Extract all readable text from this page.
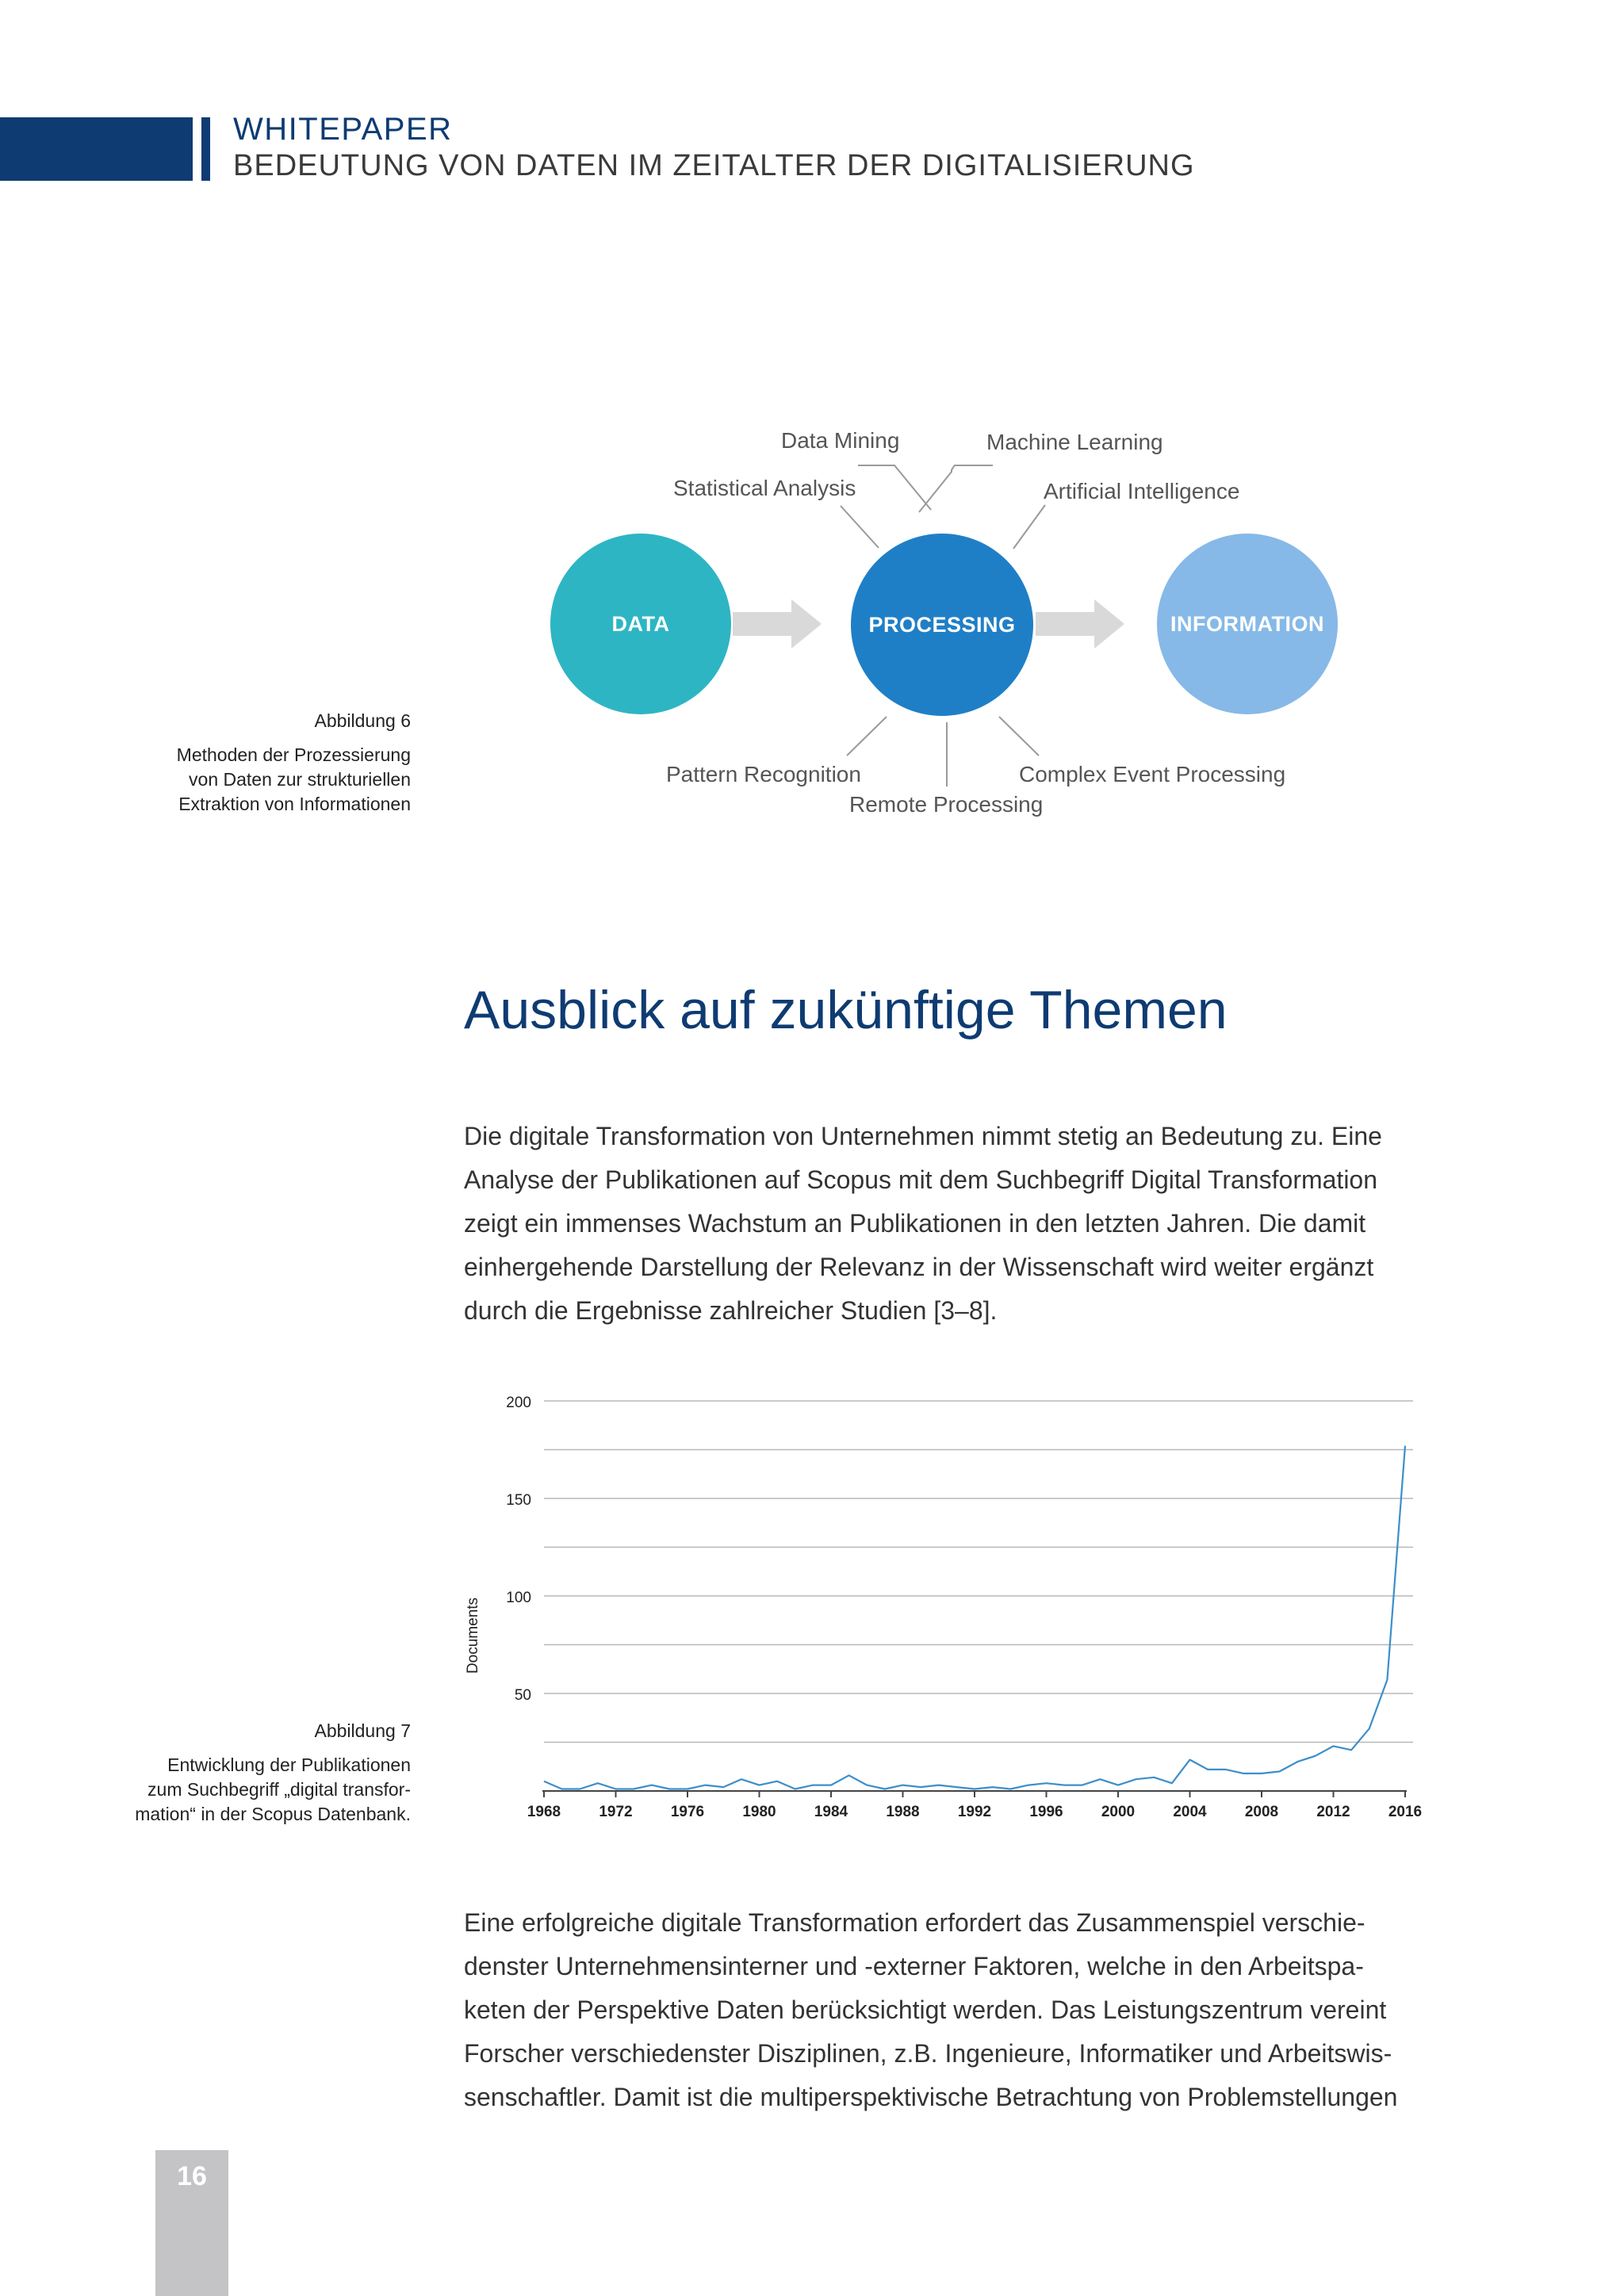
WHITEPAPER
BEDEUTUNG VON DATEN IM ZEITALTER DER DIGITALISIERUNG
DATA	PROCESSING	INFORMATION
Data Mining	Machine Learning
Statistical Analysis	Artificial Intelligence
Pattern Recognition	Complex Event Processing
Remote Processing
Abbildung 6
Methoden der Prozessierung
von Daten zur strukturiellen
Extraktion von Informationen
Ausblick auf zukünftige Themen
Die digitale Transformation von Unternehmen nimmt stetig an Bedeutung zu. Eine
Analyse der Publikationen auf Scopus mit dem Suchbegriff Digital Transformation
zeigt ein immenses Wachstum an Publikationen in den letzten Jahren. Die damit
einhergehende Darstellung der Relevanz in der Wissenschaft wird weiter ergänzt
durch die Ergebnisse zahlreicher Studien [3–8].
50
100
150
200
1968	1972	1976	1980	1984	1988	1992	1996	2000	2004	2008	2012	2016
Documents
Abbildung 7
Entwicklung der Publikationen
zum Suchbegriff „digital transfor-
mation“ in der Scopus Datenbank.
Eine erfolgreiche digitale Transformation erfordert das Zusammenspiel verschie-
denster Unternehmensinterner und -externer Faktoren, welche in den Arbeitspa-
keten der Perspektive Daten berücksichtigt werden. Das Leistungszentrum vereint
Forscher verschiedenster Disziplinen, z.B. Ingenieure, Informatiker und Arbeitswis-
senschaftler. Damit ist die multiperspektivische Betrachtung von Problemstellungen
16
